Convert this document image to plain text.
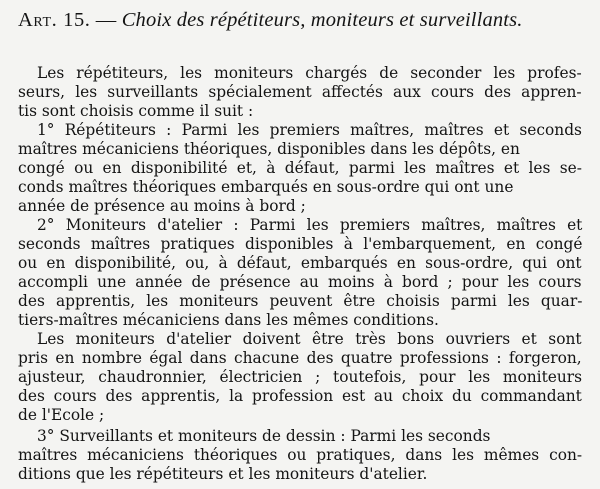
Art. 15. — Choix des répétiteurs, moniteurs et surveillants.
Les répétiteurs, les moniteurs chargés de seconder les profes-
seurs, les surveillants spécialement affectés aux cours des appren-
tis sont choisis comme il suit :
1° Répétiteurs : Parmi les premiers maîtres, maîtres et seconds
maîtres mécaniciens théoriques, disponibles dans les dépôts, en
congé ou en disponibilité et, à défaut, parmi les maîtres et les se-
conds maîtres théoriques embarqués en sous-ordre qui ont une
année de présence au moins à bord ;
2° Moniteurs d'atelier : Parmi les premiers maîtres, maîtres et
seconds maîtres pratiques disponibles à l'embarquement, en congé
ou en disponibilité, ou, à défaut, embarqués en sous-ordre, qui ont
accompli une année de présence au moins à bord ; pour les cours
des apprentis, les moniteurs peuvent être choisis parmi les quar-
tiers-maîtres mécaniciens dans les mêmes conditions.
Les moniteurs d'atelier doivent être très bons ouvriers et sont
pris en nombre égal dans chacune des quatre professions : forgeron,
ajusteur, chaudronnier, électricien ; toutefois, pour les moniteurs
des cours des apprentis, la profession est au choix du commandant
de l'Ecole ;
3° Surveillants et moniteurs de dessin : Parmi les seconds
maîtres mécaniciens théoriques ou pratiques, dans les mêmes con-
ditions que les répétiteurs et les moniteurs d'atelier.
